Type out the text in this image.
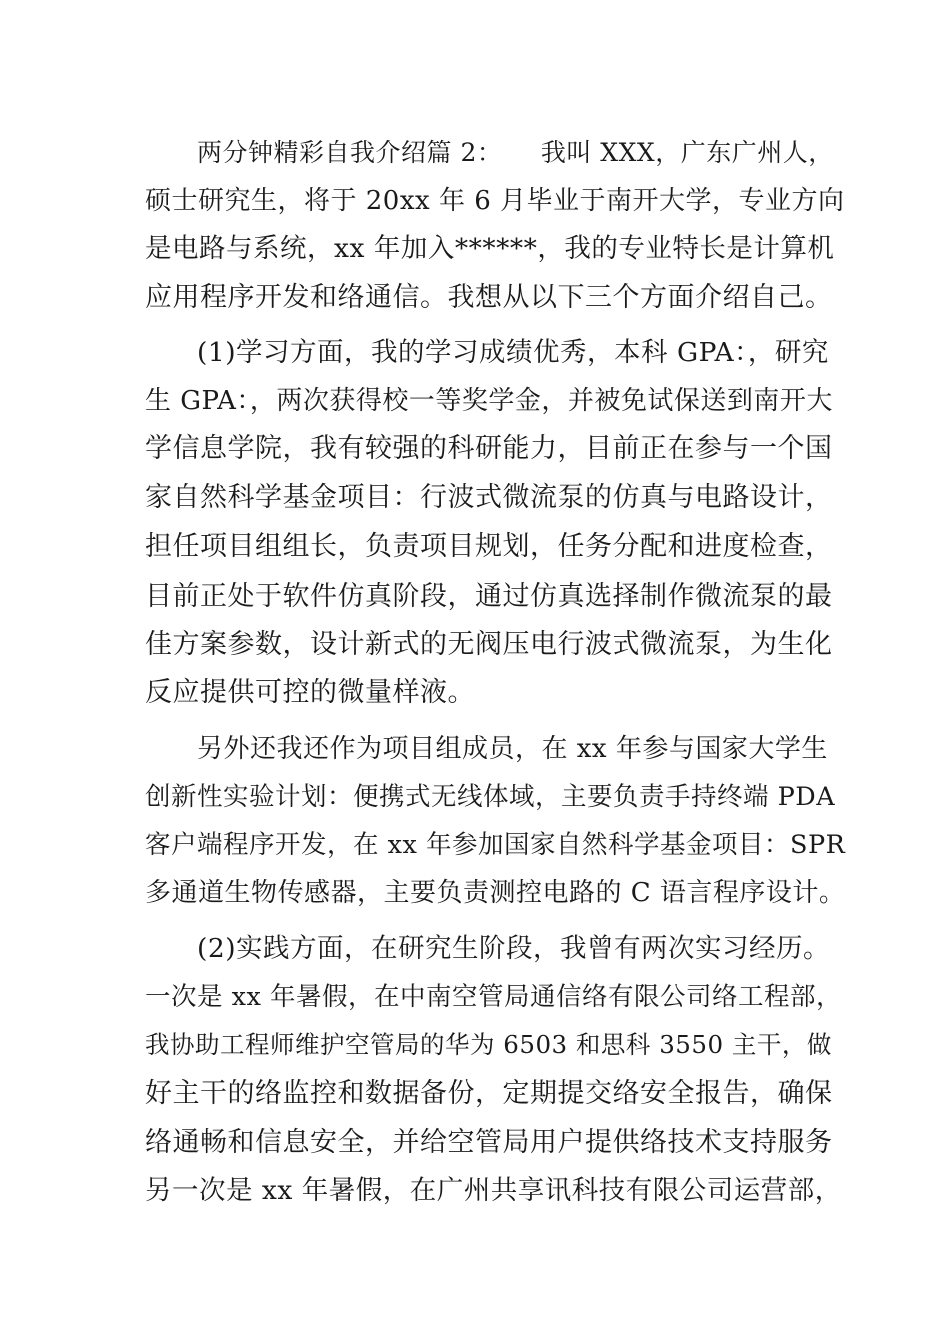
两分钟精彩自我介绍篇 2：　　我叫 XXX，广东广州人，
硕士研究生，将于 20xx 年 6 月毕业于南开大学，专业方向
是电路与系统，xx 年加入******，我的专业特长是计算机
应用程序开发和络通信。我想从以下三个方面介绍自己。
(1)学习方面，我的学习成绩优秀，本科 GPA：，研究
生 GPA：，两次获得校一等奖学金，并被免试保送到南开大
学信息学院，我有较强的科研能力，目前正在参与一个国
家自然科学基金项目：行波式微流泵的仿真与电路设计，
担任项目组组长，负责项目规划，任务分配和进度检查，
目前正处于软件仿真阶段，通过仿真选择制作微流泵的最
佳方案参数，设计新式的无阀压电行波式微流泵，为生化
反应提供可控的微量样液。
另外还我还作为项目组成员，在 xx 年参与国家大学生
创新性实验计划：便携式无线体域，主要负责手持终端 PDA
客户端程序开发，在 xx 年参加国家自然科学基金项目：SPR
多通道生物传感器，主要负责测控电路的 C 语言程序设计。
(2)实践方面，在研究生阶段，我曾有两次实习经历。
一次是 xx 年暑假，在中南空管局通信络有限公司络工程部，
我协助工程师维护空管局的华为 6503 和思科 3550 主干，做
好主干的络监控和数据备份，定期提交络安全报告，确保
络通畅和信息安全，并给空管局用户提供络技术支持服务
另一次是 xx 年暑假，在广州共享讯科技有限公司运营部，
